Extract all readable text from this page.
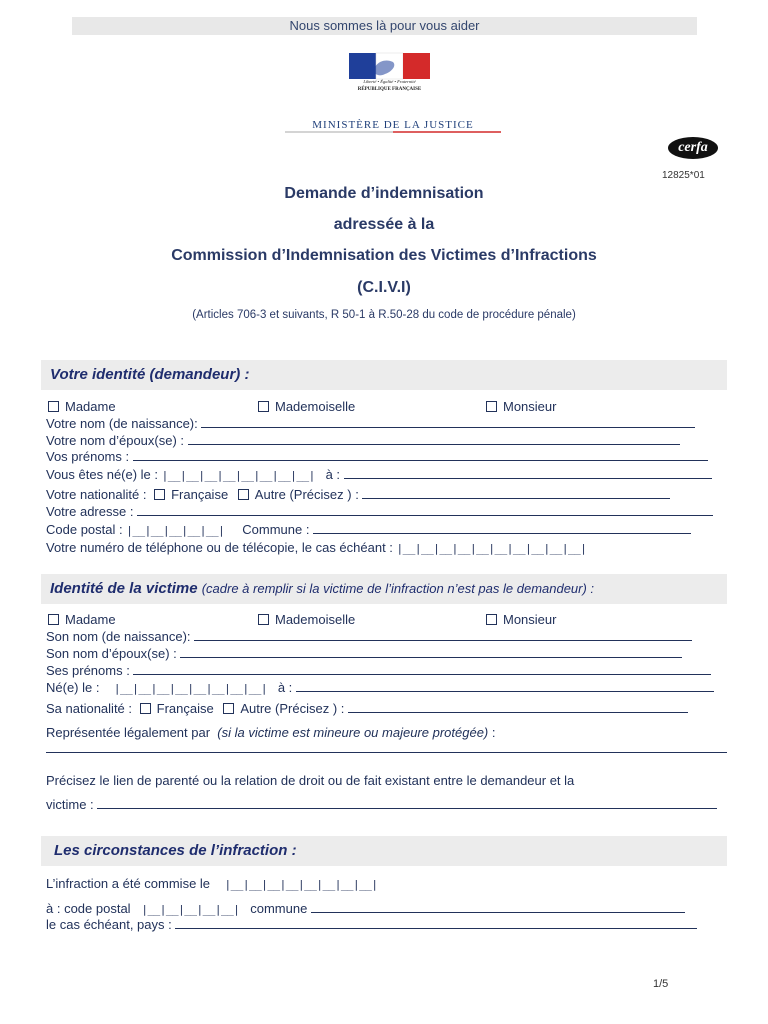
Nous sommes là pour vous aider
Liberté • Égalité • Fraternité
RÉPUBLIQUE FRANÇAISE
MINISTÈRE DE LA JUSTICE
cerfa
12825*01
Demande d’indemnisation
adressée à la
Commission d’Indemnisation des Victimes d’Infractions
(C.I.V.I)
(Articles 706-3 et suivants, R 50-1 à R.50-28 du code de procédure pénale)
Votre identité (demandeur) :
Madame	Mademoiselle	Monsieur
Votre nom (de naissance):
Votre nom d’époux(se) :
Vos prénoms :
Vous êtes né(e) le : |__|__|__|__|__|__|__|__| à :
Votre nationalité : Française Autre (Précisez ) :
Votre adresse :
Code postal : |__|__|__|__|__| Commune :
Votre numéro de téléphone ou de télécopie, le cas échéant : |__|__|__|__|__|__|__|__|__|__|
Identité de la victime (cadre à remplir si la victime de l’infraction n’est pas le demandeur) :
Madame	Mademoiselle	Monsieur
Son nom (de naissance):
Son nom d’époux(se) :
Ses prénoms :
Né(e) le : |__|__|__|__|__|__|__|__| à :
Sa nationalité : Française Autre (Précisez ) :
Représentée légalement par (si la victime est mineure ou majeure protégée) :
Précisez le lien de parenté ou la relation de droit ou de fait existant entre le demandeur et la
victime :
Les circonstances de l’infraction :
L’infraction a été commise le |__|__|__|__|__|__|__|__|
à : code postal |__|__|__|__|__| commune
le cas échéant, pays :
1/5
